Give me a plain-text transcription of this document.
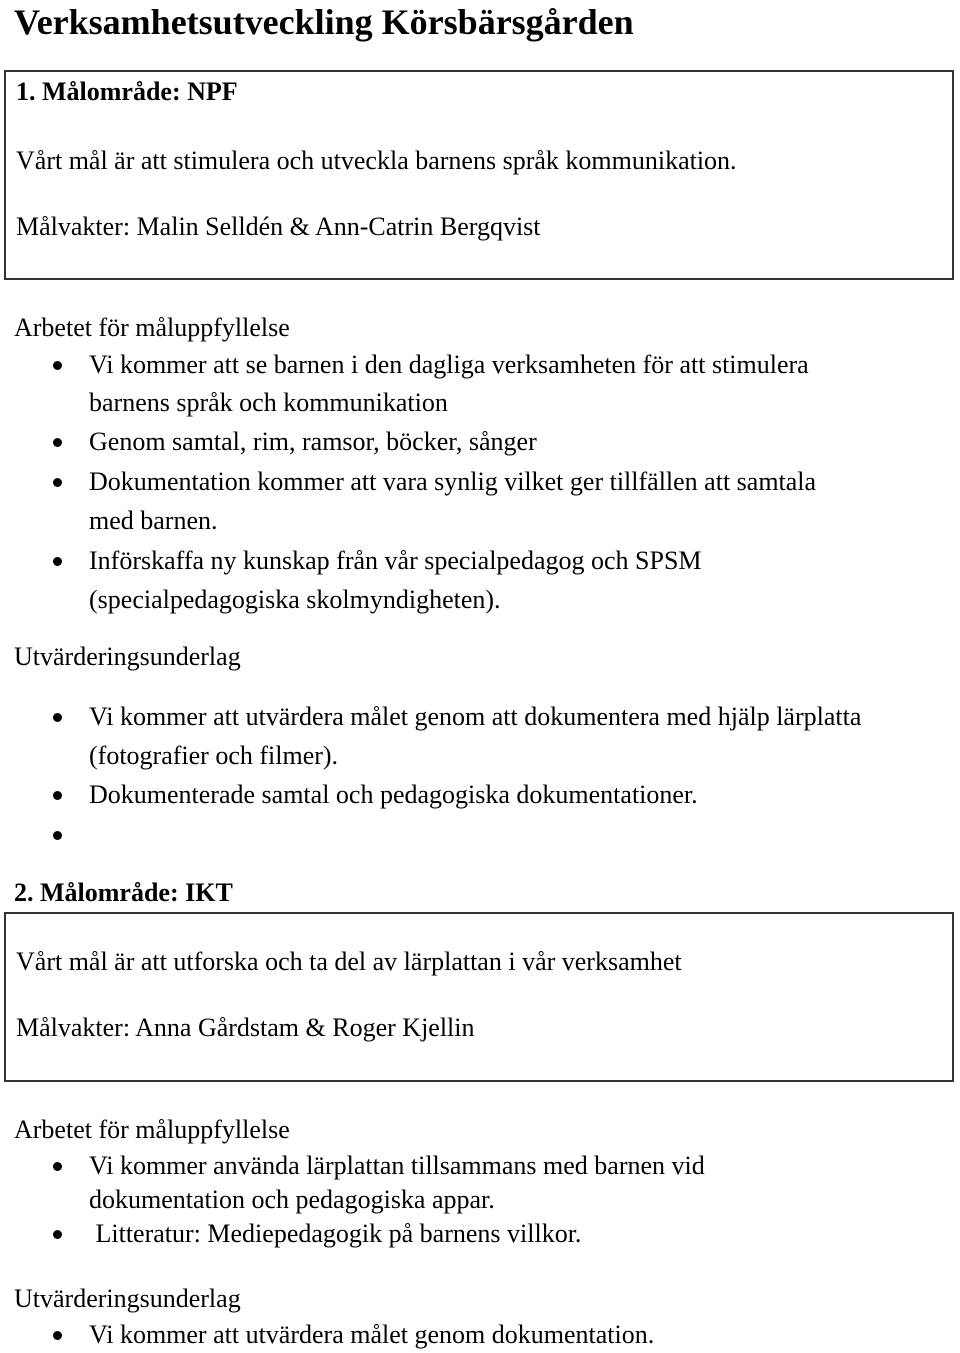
Verksamhetsutveckling Körsbärsgården
1. Målområde: NPF
Vårt mål är att stimulera och utveckla barnens språk kommunikation.
Målvakter: Malin Selldén & Ann-Catrin Bergqvist
Arbetet för måluppfyllelse
Vi kommer att se barnen i den dagliga verksamheten för att stimulera
barnens språk och kommunikation
Genom samtal, rim, ramsor, böcker, sånger
Dokumentation kommer att vara synlig vilket ger tillfällen att samtala
med barnen.
Införskaffa ny kunskap från vår specialpedagog och SPSM
(specialpedagogiska skolmyndigheten).
Utvärderingsunderlag
Vi kommer att utvärdera målet genom att dokumentera med hjälp lärplatta
(fotografier och filmer).
Dokumenterade samtal och pedagogiska dokumentationer.
2. Målområde: IKT
Vårt mål är att utforska och ta del av lärplattan i vår verksamhet
Målvakter: Anna Gårdstam & Roger Kjellin
Arbetet för måluppfyllelse
Vi kommer använda lärplattan tillsammans med barnen vid
dokumentation och pedagogiska appar.
Litteratur: Mediepedagogik på barnens villkor.
Utvärderingsunderlag
Vi kommer att utvärdera målet genom dokumentation.
